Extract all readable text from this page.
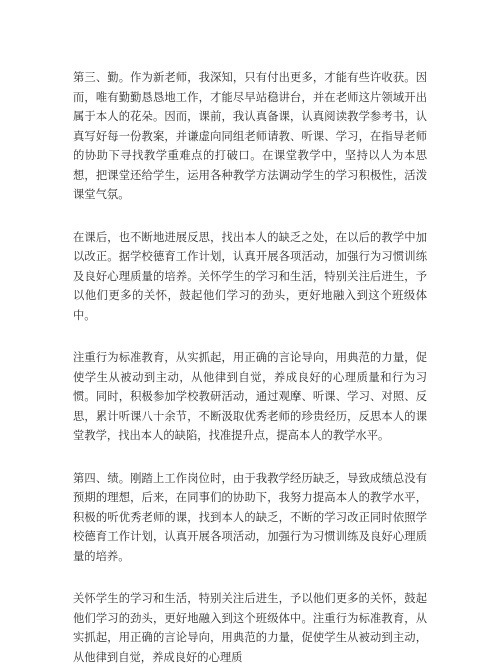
第三、勤。作为新老师，我深知，只有付出更多，才能有些许收获。因而，唯有勤勤恳恳地工作，才能尽早站稳讲台，并在老师这片领域开出属于本人的花朵。因而，课前，我认真备课，认真阅读教学参考书，认真写好每一份教案，并谦虚向同组老师请教、听课、学习，在指导老师的协助下寻找教学重难点的打破口。在课堂教学中，坚持以人为本思想，把课堂还给学生，运用各种教学方法调动学生的学习积极性，活泼课堂气氛。

在课后，也不断地进展反思，找出本人的缺乏之处，在以后的教学中加以改正。据学校德育工作计划，认真开展各项活动，加强行为习惯训练及良好心理质量的培养。关怀学生的学习和生活，特别关注后进生，予以他们更多的关怀，鼓起他们学习的劲头，更好地融入到这个班级体中。

注重行为标准教育，从实抓起，用正确的言论导向，用典范的力量，促使学生从被动到主动，从他律到自觉，养成良好的心理质量和行为习惯。同时，积极参加学校教研活动，通过观摩、听课、学习、对照、反思，累计听课八十余节，不断汲取优秀老师的珍贵经历，反思本人的课堂教学，找出本人的缺陷，找准提升点，提高本人的教学水平。

第四、绩。刚踏上工作岗位时，由于我教学经历缺乏，导致成绩总没有预期的理想，后来，在同事们的协助下，我努力提高本人的教学水平，积极的听优秀老师的课，找到本人的缺乏，不断的学习改正同时依照学校德育工作计划，认真开展各项活动，加强行为习惯训练及良好心理质量的培养。

关怀学生的学习和生活，特别关注后进生，予以他们更多的关怀，鼓起他们学习的劲头，更好地融入到这个班级体中。注重行为标准教育，从实抓起，用正确的言论导向，用典范的力量，促使学生从被动到主动，从他律到自觉，养成良好的心理质
